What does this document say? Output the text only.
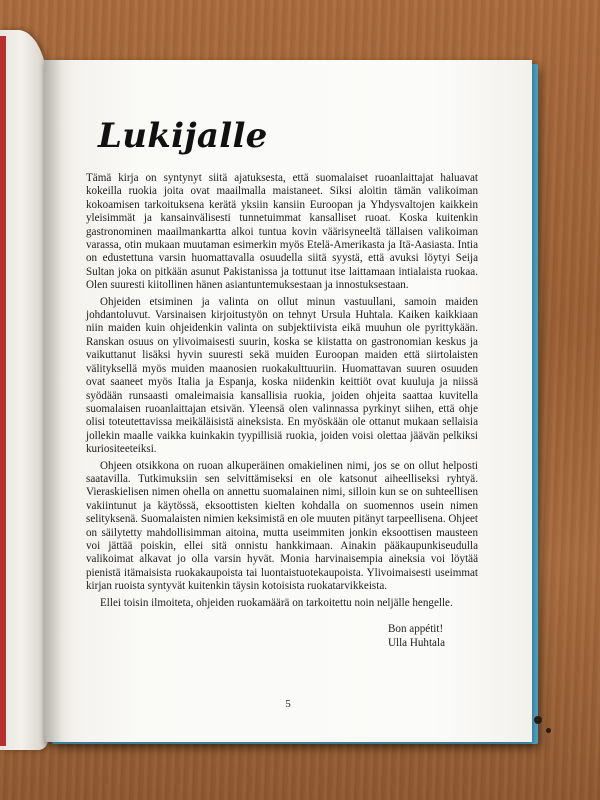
Lukijalle

Tämä kirja on syntynyt siitä ajatuksesta, että suomalaiset ruoanlaittajat haluavat kokeilla ruokia joita ovat maailmalla maistaneet. Siksi aloitin tämän valikoiman kokoamisen tarkoituksena kerätä yksiin kansiin Euroopan ja Yhdysvaltojen kaikkein yleisimmät ja kansainvälisesti tunnetuimmat kansalliset ruoat. Koska kuitenkin gastronominen maailmankartta alkoi tuntua kovin väärisyneeltä tällaisen valikoiman varassa, otin mukaan muutaman esimerkin myös Etelä-Amerikasta ja Itä-Aasiasta. Intia on edustettuna varsin huomattavalla osuudella siitä syystä, että avuksi löytyi Seija Sultan joka on pitkään asunut Pakistanissa ja tottunut itse laittamaan intialaista ruokaa. Olen suuresti kiitollinen hänen asiantuntemuksestaan ja innostuksestaan.

Ohjeiden etsiminen ja valinta on ollut minun vastuullani, samoin maiden johdantoluvut. Varsinaisen kirjoitustyön on tehnyt Ursula Huhtala. Kaiken kaikkiaan niin maiden kuin ohjeidenkin valinta on subjektiivista eikä muuhun ole pyrittykään. Ranskan osuus on ylivoimaisesti suurin, koska se kiistatta on gastronomian keskus ja vaikuttanut lisäksi hyvin suuresti sekä muiden Euroopan maiden että siirtolaisten välityksellä myös muiden maanosien ruokakulttuuriin. Huomattavan suuren osuuden ovat saaneet myös Italia ja Espanja, koska niidenkin keittiöt ovat kuuluja ja niissä syödään runsaasti omaleimaisia kansallisia ruokia, joiden ohjeita saattaa kuvitella suomalaisen ruoanlaittajan etsivän. Yleensä olen valinnassa pyrkinyt siihen, että ohje olisi toteutettavissa meikäläisistä aineksista. En myöskään ole ottanut mukaan sellaisia jollekin maalle vaikka kuinkakin tyypillisiä ruokia, joiden voisi olettaa jäävän pelkiksi kuriositeeteiksi.

Ohjeen otsikkona on ruoan alkuperäinen omakielinen nimi, jos se on ollut helposti saatavilla. Tutkimuksiin sen selvittämiseksi en ole katsonut aiheelliseksi ryhtyä. Vieraskielisen nimen ohella on annettu suomalainen nimi, silloin kun se on suhteellisen vakiintunut ja käytössä, eksoottisten kielten kohdalla on suomennos usein nimen selityksenä. Suomalaisten nimien keksimistä en ole muuten pitänyt tarpeellisena. Ohjeet on säilytetty mahdollisimman aitoina, mutta useimmiten jonkin eksoottisen mausteen voi jättää poiskin, ellei sitä onnistu hankkimaan. Ainakin pääkaupunkiseudulla valikoimat alkavat jo olla varsin hyvät. Monia harvinaisempia aineksia voi löytää pienistä itämaisista ruokakaupoista tai luontaistuotekaupoista. Ylivoimaisesti useimmat kirjan ruoista syntyvät kuitenkin täysin kotoisista ruokatarvikkeista.

Ellei toisin ilmoiteta, ohjeiden ruokamäärä on tarkoitettu noin neljälle hengelle.

Bon appétit!
Ulla Huhtala
5
